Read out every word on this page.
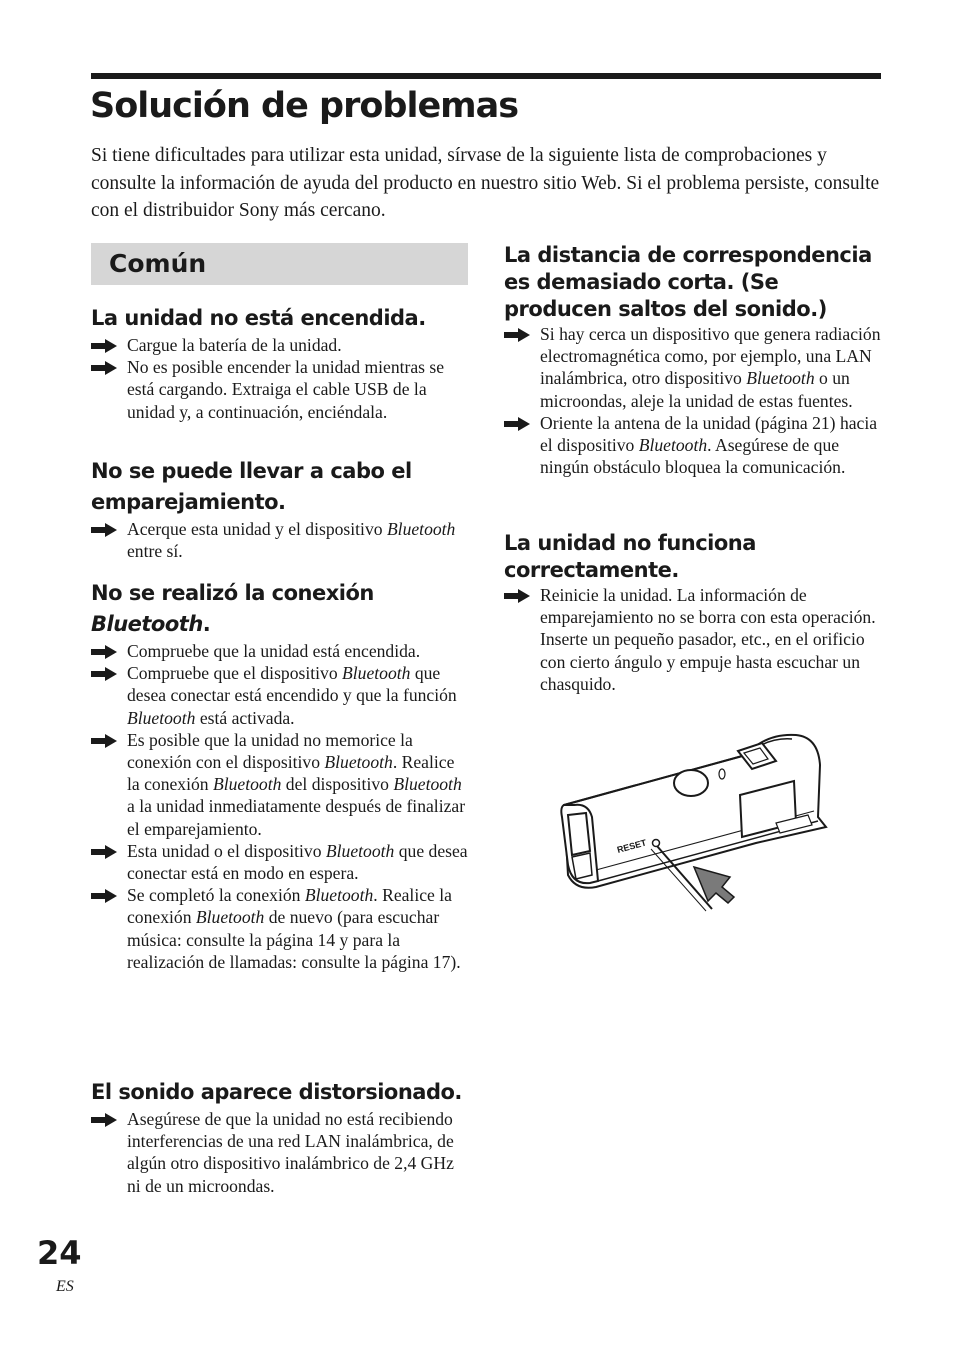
Solución de problemas

Si tiene dificultades para utilizar esta unidad, sírvase de la siguiente lista de comprobaciones y consulte la información de ayuda del producto en nuestro sitio Web. Si el problema persiste, consulte con el distribuidor Sony más cercano.

Común
La unidad no está encendida.
Cargue la batería de la unidad.
No es posible encender la unidad mientras se está cargando. Extraiga el cable USB de la unidad y, a continuación, enciéndala.
No se puede llevar a cabo el emparejamiento.
Acerque esta unidad y el dispositivo Bluetooth entre sí.
No se realizó la conexión Bluetooth.
Compruebe que la unidad está encendida.
Compruebe que el dispositivo Bluetooth que desea conectar está encendido y que la función Bluetooth está activada.
Es posible que la unidad no memorice la conexión con el dispositivo Bluetooth. Realice la conexión Bluetooth del dispositivo Bluetooth a la unidad inmediatamente después de finalizar el emparejamiento.
Esta unidad o el dispositivo Bluetooth que desea conectar está en modo en espera.
Se completó la conexión Bluetooth. Realice la conexión Bluetooth de nuevo (para escuchar música: consulte la página 14 y para la realización de llamadas: consulte la página 17).
El sonido aparece distorsionado.
Asegúrese de que la unidad no está recibiendo interferencias de una red LAN inalámbrica, de algún otro dispositivo inalámbrico de 2,4 GHz ni de un microondas.
La distancia de correspondencia es demasiado corta. (Se producen saltos del sonido.)
Si hay cerca un dispositivo que genera radiación electromagnética como, por ejemplo, una LAN inalámbrica, otro dispositivo Bluetooth o un microondas, aleje la unidad de estas fuentes.
Oriente la antena de la unidad (página 21) hacia el dispositivo Bluetooth. Asegúrese de que ningún obstáculo bloquea la comunicación.
La unidad no funciona correctamente.
Reinicie la unidad. La información de emparejamiento no se borra con esta operación.
Inserte un pequeño pasador, etc., en el orificio con cierto ángulo y empuje hasta escuchar un chasquido.
RESET
24
ES
